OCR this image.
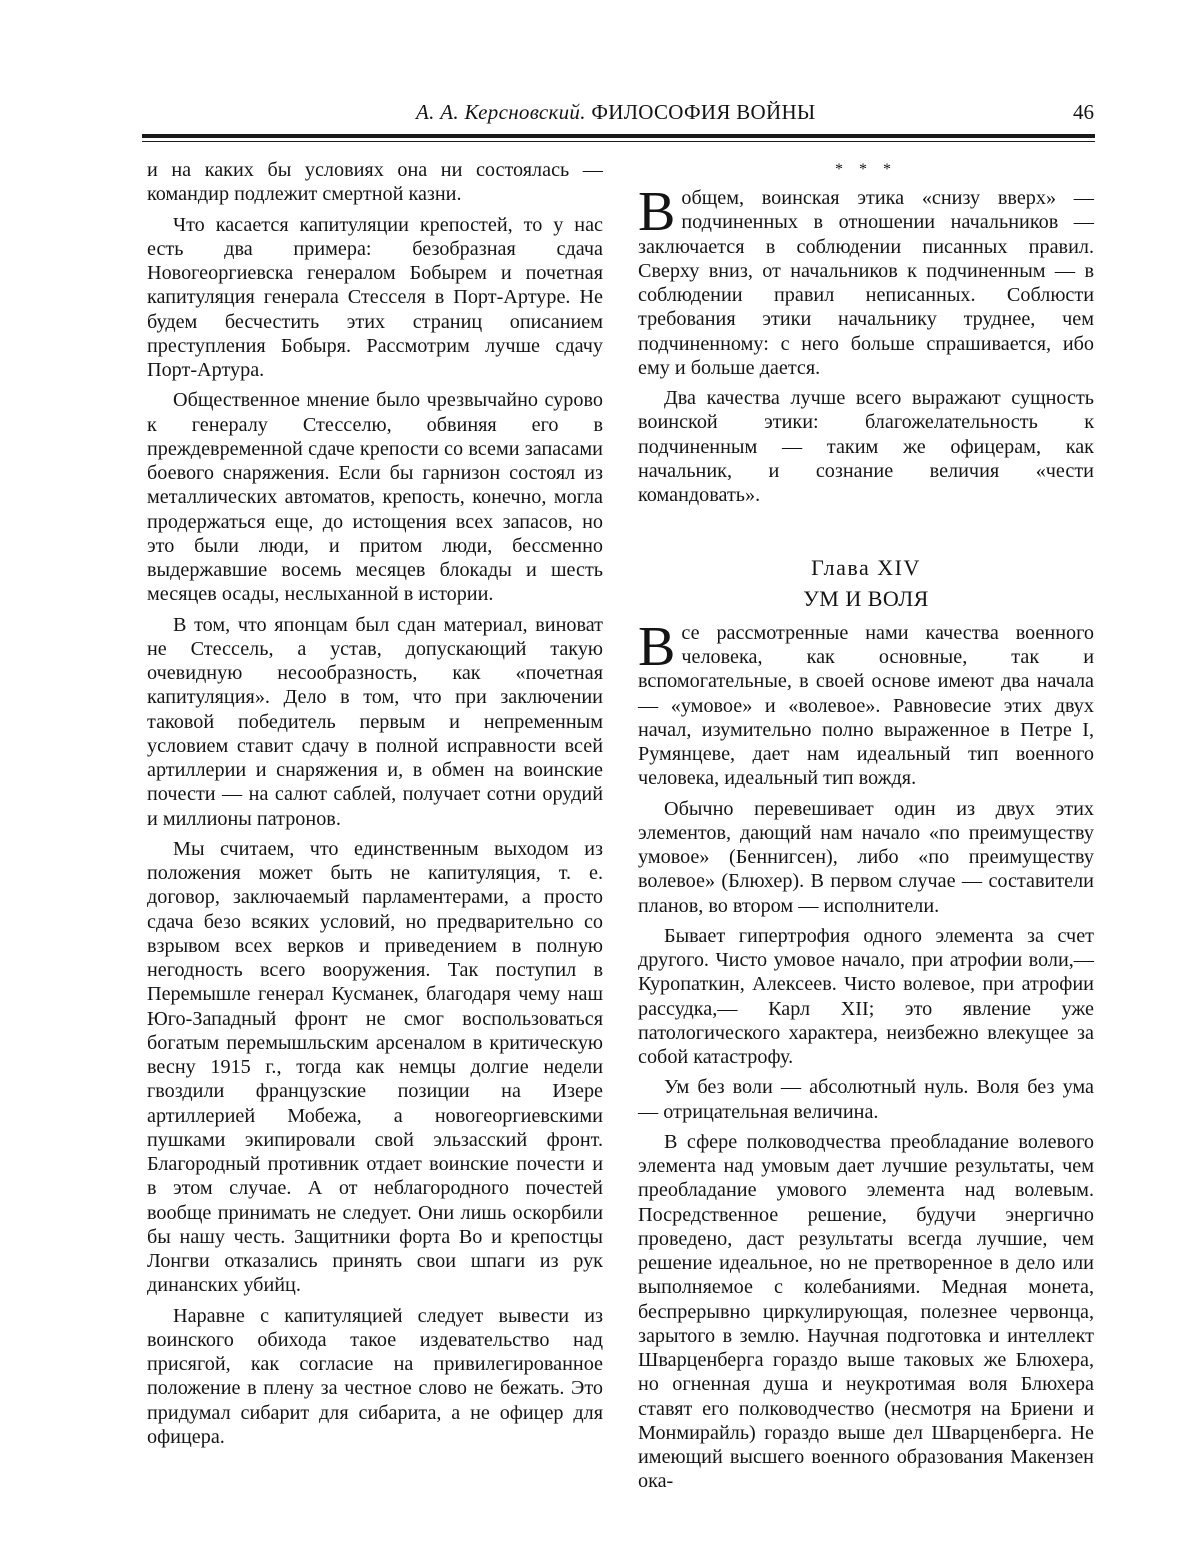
А. А. Керсновский. ФИЛОСОФИЯ ВОЙНЫ	46

и на каких бы условиях она ни состоялась — командир подлежит смертной казни.

Что касается капитуляции крепостей, то у нас есть два примера: безобразная сдача Новогеоргиевска генералом Бобырем и почетная капитуляция генерала Стесселя в Порт-Артуре. Не будем бесчестить этих страниц описанием преступления Бобыря. Рассмотрим лучше сдачу Порт-Артура.

Общественное мнение было чрезвычайно сурово к генералу Стесселю, обвиняя его в преждевременной сдаче крепости со всеми запасами боевого снаряжения. Если бы гарнизон состоял из металлических автоматов, крепость, конечно, могла продержаться еще, до истощения всех запасов, но это были люди, и притом люди, бессменно выдержавшие восемь месяцев блокады и шесть месяцев осады, неслыханной в истории.

В том, что японцам был сдан материал, виноват не Стессель, а устав, допускающий такую очевидную несообразность, как «почетная капитуляция». Дело в том, что при заключении таковой победитель первым и непременным условием ставит сдачу в полной исправности всей артиллерии и снаряжения и, в обмен на воинские почести — на салют саблей, получает сотни орудий и миллионы патронов.

Мы считаем, что единственным выходом из положения может быть не капитуляция, т. е. договор, заключаемый парламентерами, а просто сдача безо всяких условий, но предварительно со взрывом всех верков и приведением в полную негодность всего вооружения. Так поступил в Перемышле генерал Кусманек, благодаря чему наш Юго-Западный фронт не смог воспользоваться богатым перемышльским арсеналом в критическую весну 1915 г., тогда как немцы долгие недели гвоздили французские позиции на Изере артиллерией Мобежа, а новогеоргиевскими пушками экипировали свой эльзасский фронт. Благородный противник отдает воинские почести и в этом случае. А от неблагородного почестей вообще принимать не следует. Они лишь оскорбили бы нашу честь. Защитники форта Во и крепостцы Лонгви отказались принять свои шпаги из рук динанских убийц.

Наравне с капитуляцией следует вывести из воинского обихода такое издевательство над присягой, как согласие на привилегированное положение в плену за честное слово не бежать. Это придумал сибарит для сибарита, а не офицер для офицера.

* * *

Вобщем, воинская этика «снизу вверх» — подчиненных в отношении начальников — заключается в соблюдении писанных правил. Сверху вниз, от начальников к подчиненным — в соблюдении правил неписанных. Соблюсти требования этики начальнику труднее, чем подчиненному: с него больше спрашивается, ибо ему и больше дается.

Два качества лучше всего выражают сущность воинской этики: благожелательность к подчиненным — таким же офицерам, как начальник, и сознание величия «чести командовать».

Глава XIV
УМ И ВОЛЯ

Все рассмотренные нами качества военного человека, как основные, так и вспомогательные, в своей основе имеют два начала— «умовое» и «волевое». Равновесие этих двух начал, изумительно полно выраженное в Петре I, Румянцеве, дает нам идеальный тип военного человека, идеальный тип вождя.

Обычно перевешивает один из двух этих элементов, дающий нам начало «по преимуществу умовое» (Беннигсен), либо «по преимуществу волевое» (Блюхер). В первом случае — составители планов, во втором — исполнители.

Бывает гипертрофия одного элемента за счет другого. Чисто умовое начало, при атрофии воли,— Куропаткин, Алексеев. Чисто волевое, при атрофии рассудка,— Карл XII; это явление уже патологического характера, неизбежно влекущее за собой катастрофу.

Ум без воли — абсолютный нуль. Воля без ума — отрицательная величина.

В сфере полководчества преобладание волевого элемента над умовым дает лучшие результаты, чем преобладание умового элемента над волевым. Посредственное решение, будучи энергично проведено, даст результаты всегда лучшие, чем решение идеальное, но не претворенное в дело или выполняемое с колебаниями. Медная монета, беспрерывно циркулирующая, полезнее червонца, зарытого в землю. Научная подготовка и интеллект Шварценберга гораздо выше таковых же Блюхера, но огненная душа и неукротимая воля Блюхера ставят его полководчество (несмотря на Бриени и Монмирайль) гораздо выше дел Шварценберга. Не имеющий высшего военного образования Макензен ока-
